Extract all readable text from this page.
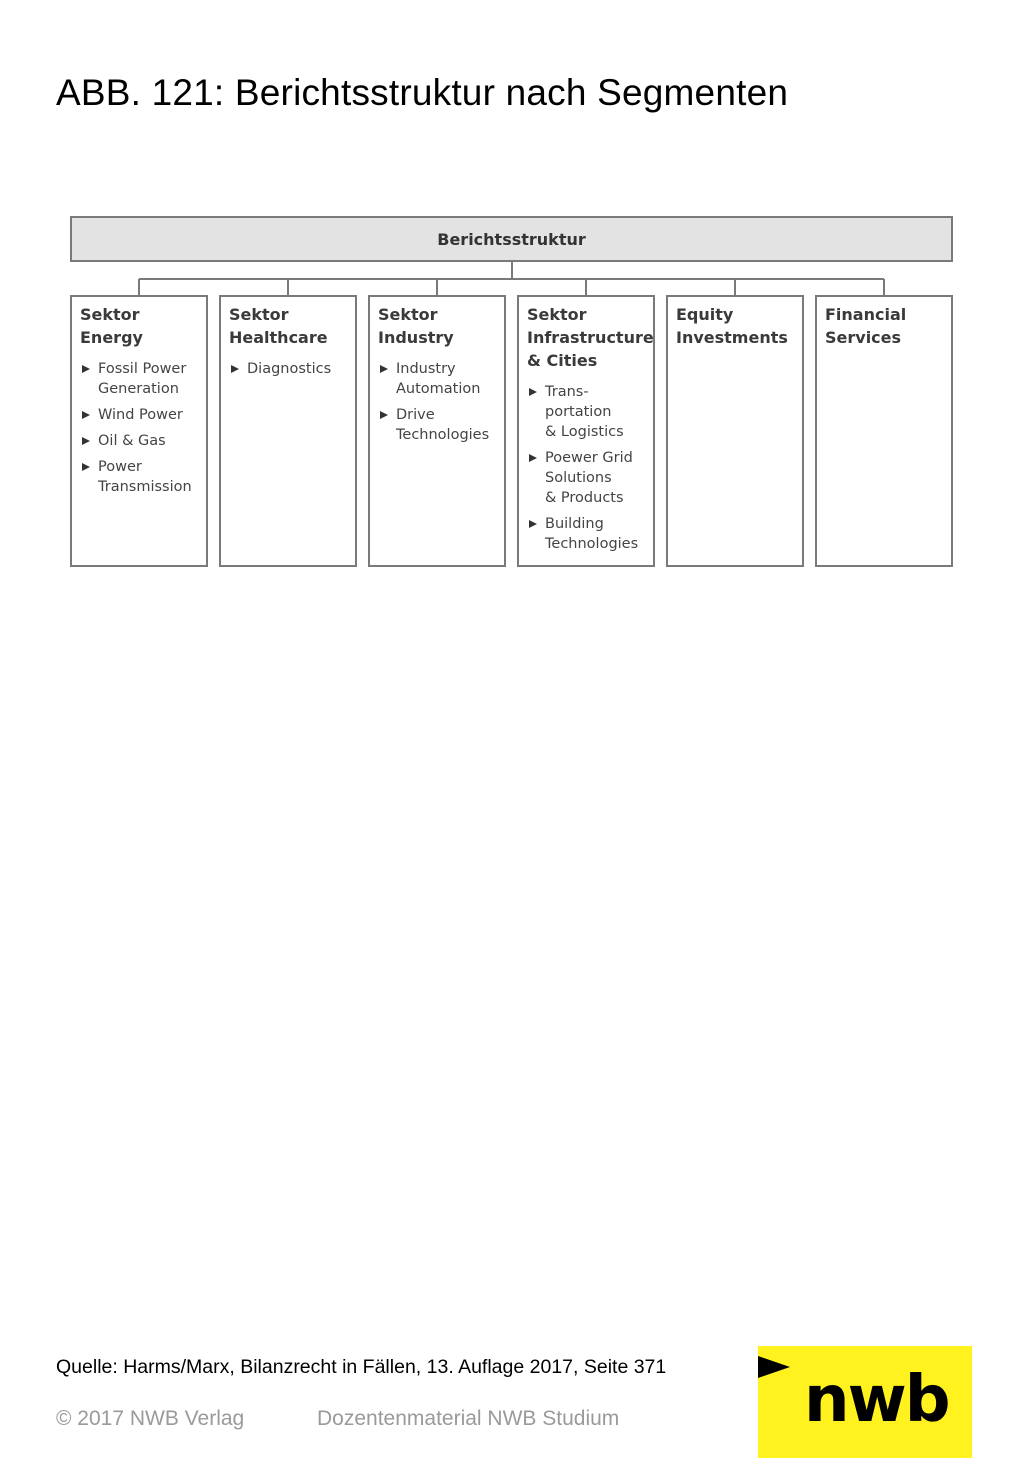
ABB. 121: Berichtsstruktur nach Segmenten
Berichtsstruktur
Sektor
Energy
Fossil Power
Generation
Wind Power
Oil & Gas
Power
Transmission
Sektor
Healthcare
Diagnostics
Sektor
Industry
Industry
Automation
Drive
Technologies
Sektor
Infrastructure
& Cities
Trans-
portation
& Logistics
Poewer Grid
Solutions
& Products
Building
Technologies
Equity
Investments
Financial
Services
Quelle: Harms/Marx, Bilanzrecht in Fällen, 13. Auflage 2017, Seite 371
© 2017 NWB Verlag	Dozentenmaterial NWB Studium	nwb
